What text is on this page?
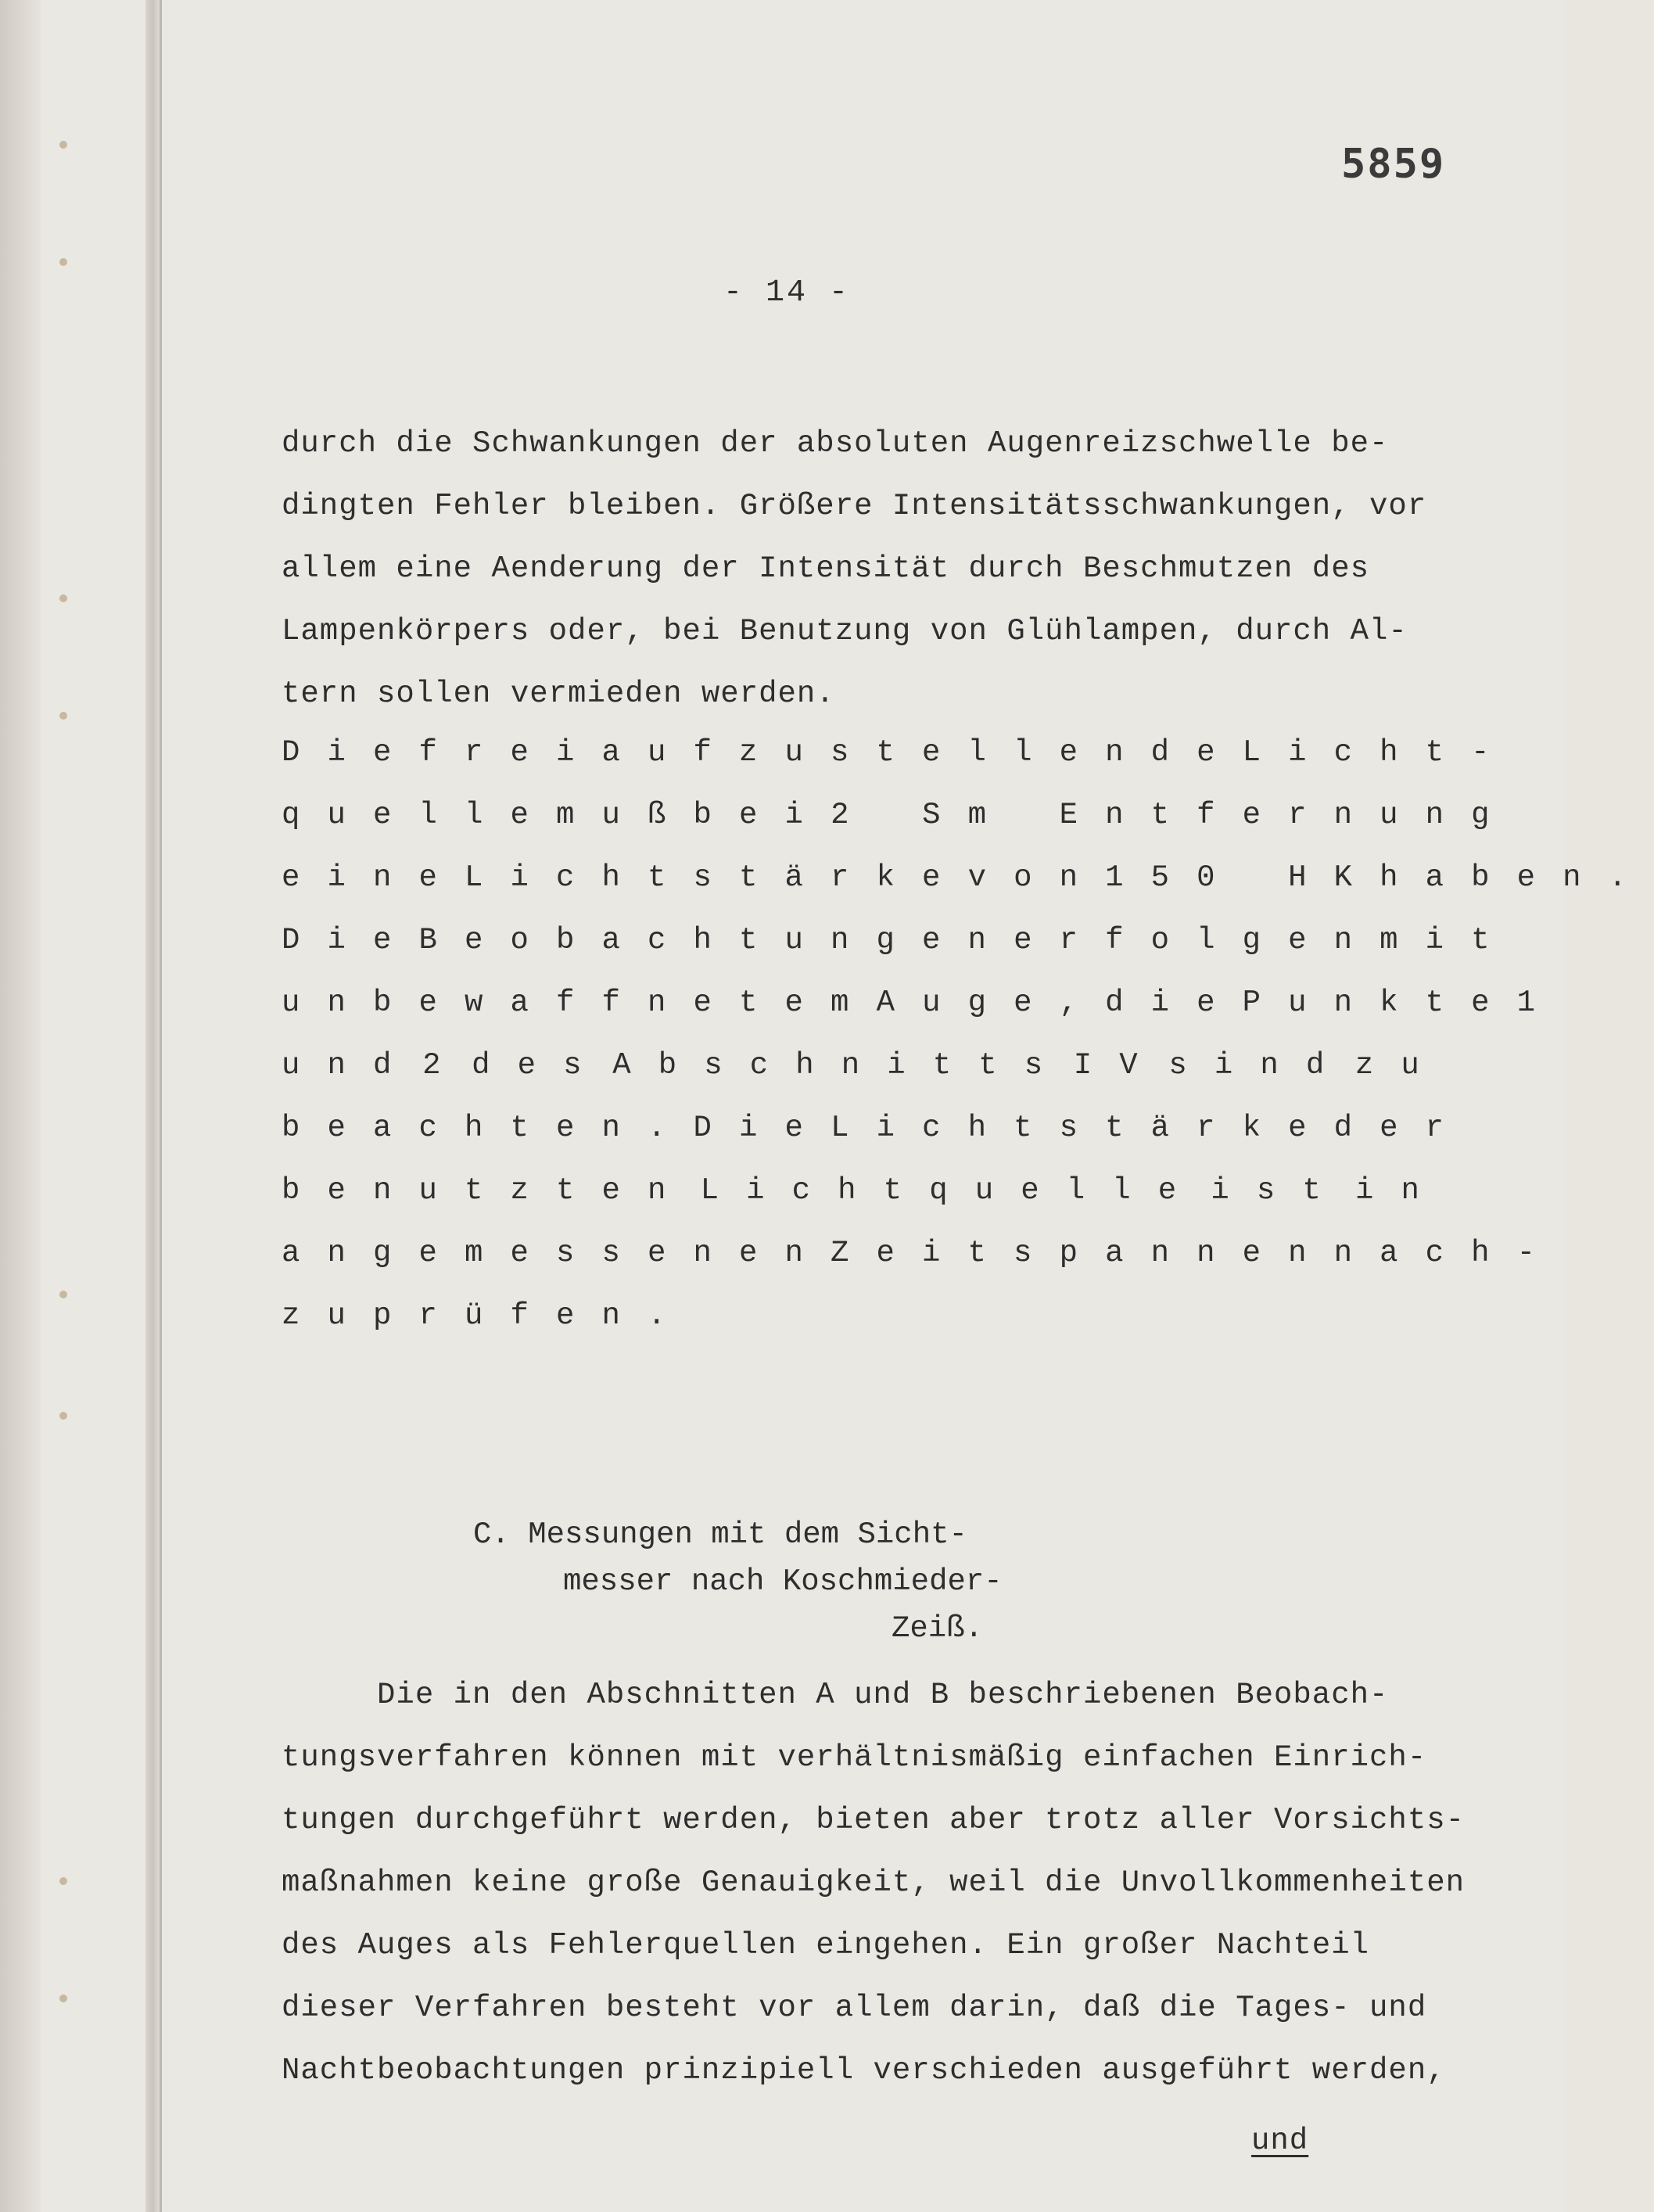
5859
- 14 -
durch die Schwankungen der absoluten Augenreizschwelle be-
dingten Fehler bleiben. Größere Intensitätsschwankungen, vor
allem eine Aenderung der Intensität durch Beschmutzen des
Lampenkörpers oder, bei Benutzung von Glühlampen, durch Al-
tern sollen vermieden werden.
Die freiaufzustellende Licht-
quelle muß bei 2 Sm Entfernung
eine Lichtstärke von 150 HK haben.
Die Beobachtungen erfolgen mit
unbewaffnetem Auge, die Punkte 1
und 2 des Abschnitts IV sind zu
beachten. Die Lichtstärke der
benutzten Lichtquelle ist in
angemessenen Zeitspannen nach-
zuprüfen.
C. Messungen mit dem Sicht-
messer nach Koschmieder-
Zeiß.
Die in den Abschnitten A und B beschriebenen Beobach-
tungsverfahren können mit verhältnismäßig einfachen Einrich-
tungen durchgeführt werden, bieten aber trotz aller Vorsichts-
maßnahmen keine große Genauigkeit, weil die Unvollkommenheiten
des Auges als Fehlerquellen eingehen. Ein großer Nachteil
dieser Verfahren besteht vor allem darin, daß die Tages- und
Nachtbeobachtungen prinzipiell verschieden ausgeführt werden,
und
